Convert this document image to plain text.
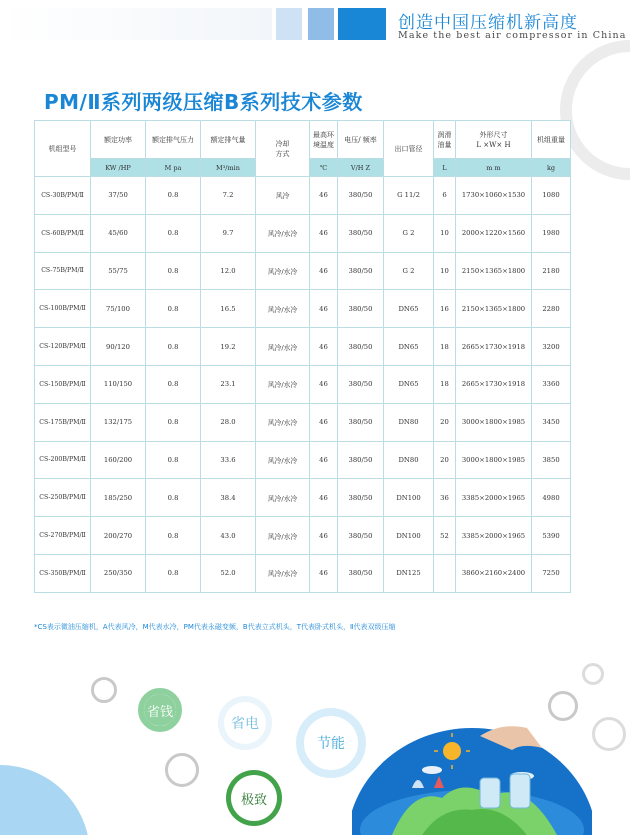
创造中国压缩机新高度
Make the best air compressor in China
PM/Ⅱ系列两级压缩B系列技术参数
机组型号	额定功率	额定排气压力	额定排气量	冷却
方式	最高环
境温度	电压/ 频率	出口管径	润滑
油量	外形尺寸
L ×W× H	机组重量
	KW /HP	M pa	M³/min		℃	V/H Z		L	m m	kg
CS-30B/PM/Ⅱ	37/50	0.8	7.2	风冷	46	380/50	G 11/2	6	1730×1060×1530	1080
CS-60B/PM/Ⅱ	45/60	0.8	9.7	风冷/水冷	46	380/50	G 2	10	2000×1220×1560	1980
CS-75B/PM/Ⅱ	55/75	0.8	12.0	风冷/水冷	46	380/50	G 2	10	2150×1365×1800	2180
CS-100B/PM/Ⅱ	75/100	0.8	16.5	风冷/水冷	46	380/50	DN65	16	2150×1365×1800	2280
CS-120B/PM/Ⅱ	90/120	0.8	19.2	风冷/水冷	46	380/50	DN65	18	2665×1730×1918	3200
CS-150B/PM/Ⅱ	110/150	0.8	23.1	风冷/水冷	46	380/50	DN65	18	2665×1730×1918	3360
CS-175B/PM/Ⅱ	132/175	0.8	28.0	风冷/水冷	46	380/50	DN80	20	3000×1800×1985	3450
CS-200B/PM/Ⅱ	160/200	0.8	33.6	风冷/水冷	46	380/50	DN80	20	3000×1800×1985	3850
CS-250B/PM/Ⅱ	185/250	0.8	38.4	风冷/水冷	46	380/50	DN100	36	3385×2000×1965	4980
CS-270B/PM/Ⅱ	200/270	0.8	43.0	风冷/水冷	46	380/50	DN100	52	3385×2000×1965	5390
CS-350B/PM/Ⅱ	250/350	0.8	52.0	风冷/水冷	46	380/50	DN125		3860×2160×2400	7250
*CS表示微油压缩机，A代表风冷，M代表水冷，PM代表永磁变频，B代表立式机头，T代表卧式机头，Ⅱ代表双级压缩
省钱
省电
节能
极致
